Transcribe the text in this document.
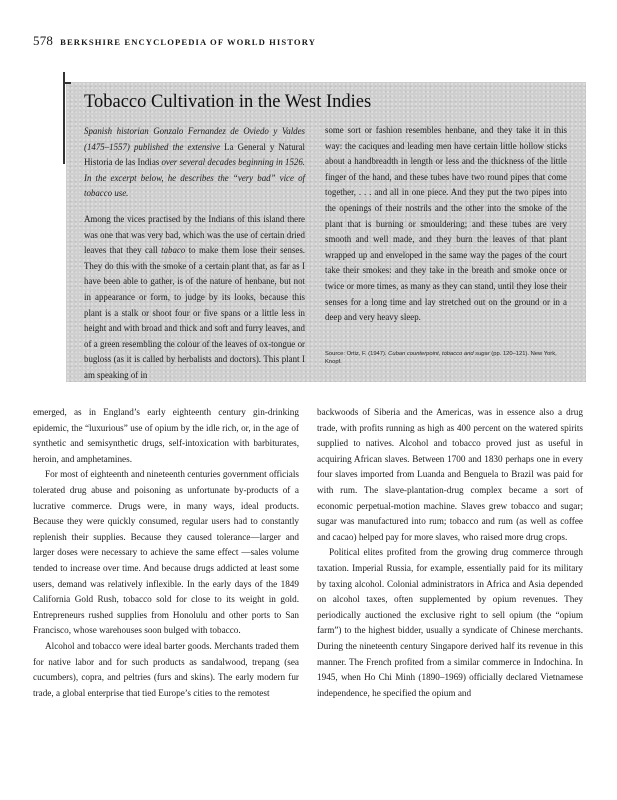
578 BERKSHIRE ENCYCLOPEDIA OF WORLD HISTORY
Tobacco Cultivation in the West Indies

Spanish historian Gonzalo Fernandez de Oviedo y Valdes (1475–1557) published the extensive La General y Natural Historia de las Indias over several decades beginning in 1526. In the excerpt below, he describes the “very bad” vice of tobacco use.

Among the vices practised by the Indians of this island there was one that was very bad, which was the use of certain dried leaves that they call tabaco to make them lose their senses. They do this with the smoke of a certain plant that, as far as I have been able to gather, is of the nature of henbane, but not in appearance or form, to judge by its looks, because this plant is a stalk or shoot four or five spans or a little less in height and with broad and thick and soft and furry leaves, and of a green resembling the colour of the leaves of ox-tongue or bugloss (as it is called by herbalists and doctors). This plant I am speaking of in

some sort or fashion resembles henbane, and they take it in this way: the caciques and leading men have certain little hollow sticks about a handbreadth in length or less and the thickness of the little finger of the hand, and these tubes have two round pipes that come together, . . . and all in one piece. And they put the two pipes into the openings of their nostrils and the other into the smoke of the plant that is burning or smouldering; and these tubes are very smooth and well made, and they burn the leaves of that plant wrapped up and enveloped in the same way the pages of the court take their smokes: and they take in the breath and smoke once or twice or more times, as many as they can stand, until they lose their senses for a long time and lay stretched out on the ground or in a deep and very heavy sleep.

Source: Ortiz, F. (1947). Cuban counterpoint, tobacco and sugar (pp. 120–121). New York, Knopf.

emerged, as in England’s early eighteenth century gin-drinking epidemic, the “luxurious” use of opium by the idle rich, or, in the age of synthetic and semisynthetic drugs, self-intoxication with barbiturates, heroin, and amphetamines.

For most of eighteenth and nineteenth centuries government officials tolerated drug abuse and poisoning as unfortunate by-products of a lucrative commerce. Drugs were, in many ways, ideal products. Because they were quickly consumed, regular users had to constantly replenish their supplies. Because they caused tolerance—larger and larger doses were necessary to achieve the same effect —sales volume tended to increase over time. And because drugs addicted at least some users, demand was relatively inflexible. In the early days of the 1849 California Gold Rush, tobacco sold for close to its weight in gold. Entrepreneurs rushed supplies from Honolulu and other ports to San Francisco, whose warehouses soon bulged with tobacco.

Alcohol and tobacco were ideal barter goods. Merchants traded them for native labor and for such products as sandalwood, trepang (sea cucumbers), copra, and peltries (furs and skins). The early modern fur trade, a global enterprise that tied Europe’s cities to the remotest

backwoods of Siberia and the Americas, was in essence also a drug trade, with profits running as high as 400 percent on the watered spirits supplied to natives. Alcohol and tobacco proved just as useful in acquiring African slaves. Between 1700 and 1830 perhaps one in every four slaves imported from Luanda and Benguela to Brazil was paid for with rum. The slave-plantation-drug complex became a sort of economic perpetual-motion machine. Slaves grew tobacco and sugar; sugar was manufactured into rum; tobacco and rum (as well as coffee and cacao) helped pay for more slaves, who raised more drug crops.

Political elites profited from the growing drug commerce through taxation. Imperial Russia, for example, essentially paid for its military by taxing alcohol. Colonial administrators in Africa and Asia depended on alcohol taxes, often supplemented by opium revenues. They periodically auctioned the exclusive right to sell opium (the “opium farm”) to the highest bidder, usually a syndicate of Chinese merchants. During the nineteenth century Singapore derived half its revenue in this manner. The French profited from a similar commerce in Indochina. In 1945, when Ho Chi Minh (1890–1969) officially declared Vietnamese independence, he specified the opium and
